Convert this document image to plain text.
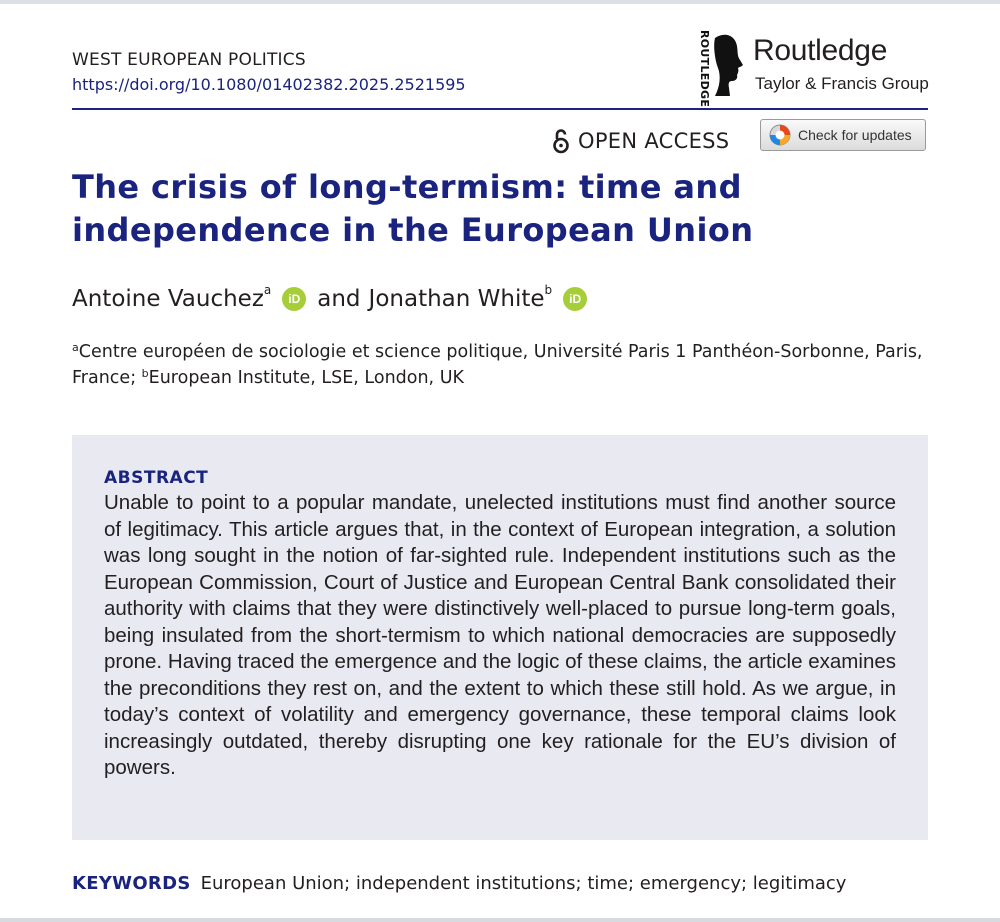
WEST EUROPEAN POLITICS
https://doi.org/10.1080/01402382.2025.2521595	ROUTLEDGE Routledge
Taylor & Francis Group
OPEN ACCESS	Check for updates
The crisis of long-termism: time and independence in the European Union
Antoine Vauchez$^a$
iD and Jonathan White$^b$
iD
$^a$Centre européen de sociologie et science politique, Université Paris 1 Panthéon-Sorbonne, Paris, France; $^b$European Institute, LSE, London, UK
ABSTRACT

Unable to point to a popular mandate, unelected institutions must find another source of legitimacy. This article argues that, in the context of European integration, a solution was long sought in the notion of far-sighted rule. Independent institutions such as the European Commission, Court of Justice and European Central Bank consolidated their authority with claims that they were distinctively well-placed to pursue long-term goals, being insulated from the short-termism to which national democracies are supposedly prone. Having traced the emergence and the logic of these claims, the article examines the preconditions they rest on, and the extent to which these still hold. As we argue, in today’s context of volatility and emergency governance, these temporal claims look increasingly outdated, thereby disrupting one key rationale for the EU’s division of powers.

KEYWORDS European Union; independent institutions; time; emergency; legitimacy
